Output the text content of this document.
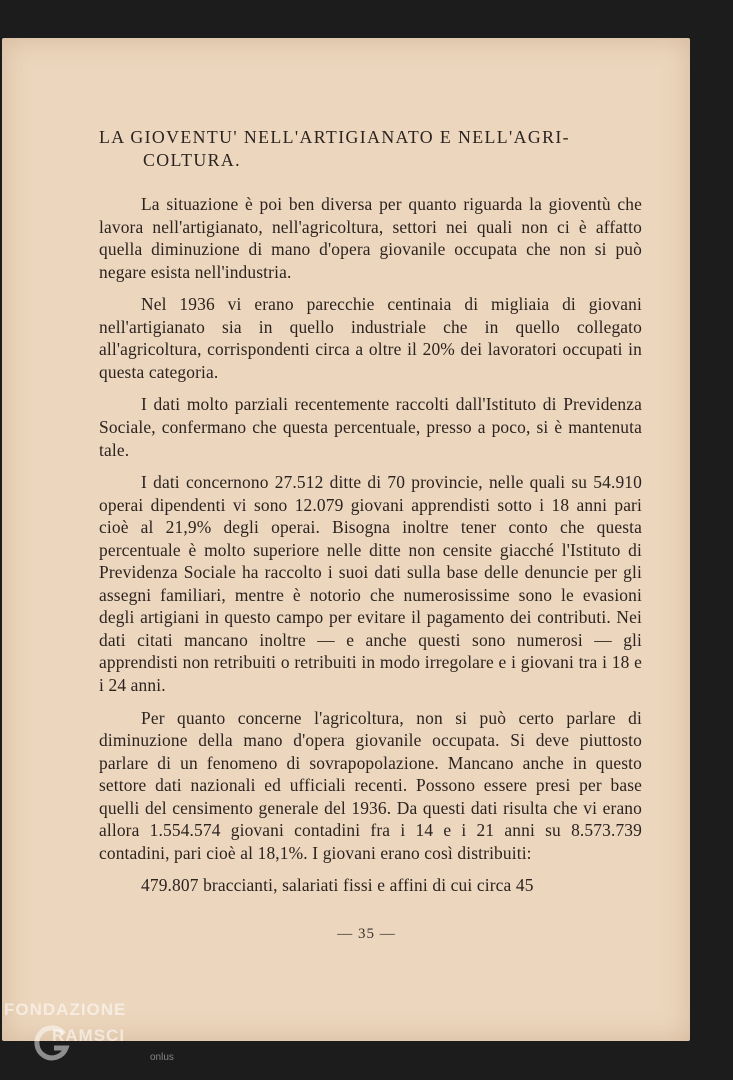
LA GIOVENTU' NELL'ARTIGIANATO E NELL'AGRI-
COLTURA.

La situazione è poi ben diversa per quanto riguarda la gioventù che lavora nell'artigianato, nell'agricoltura, settori nei quali non ci è affatto quella diminuzione di mano d'opera giovanile occupata che non si può negare esista nell'industria.

Nel 1936 vi erano parecchie centinaia di migliaia di giovani nell'artigianato sia in quello industriale che in quello collegato all'agricoltura, corrispondenti circa a oltre il 20% dei lavoratori occupati in questa categoria.

I dati molto parziali recentemente raccolti dall'Istituto di Previdenza Sociale, confermano che questa percentuale, presso a poco, si è mantenuta tale.

I dati concernono 27.512 ditte di 70 provincie, nelle quali su 54.910 operai dipendenti vi sono 12.079 giovani apprendisti sotto i 18 anni pari cioè al 21,9% degli operai. Bisogna inoltre tener conto che questa percentuale è molto superiore nelle ditte non censite giacché l'Istituto di Previdenza Sociale ha raccolto i suoi dati sulla base delle denuncie per gli assegni familiari, mentre è notorio che numerosissime sono le evasioni degli artigiani in questo campo per evitare il pagamento dei contributi. Nei dati citati mancano inoltre — e anche questi sono numerosi — gli apprendisti non retribuiti o retribuiti in modo irregolare e i giovani tra i 18 e i 24 anni.

Per quanto concerne l'agricoltura, non si può certo parlare di diminuzione della mano d'opera giovanile occupata. Si deve piuttosto parlare di un fenomeno di sovrapopolazione. Mancano anche in questo settore dati nazionali ed ufficiali recenti. Possono essere presi per base quelli del censimento generale del 1936. Da questi dati risulta che vi erano allora 1.554.574 giovani contadini fra i 14 e i 21 anni su 8.573.739 contadini, pari cioè al 18,1%. I giovani erano così distribuiti:

479.807 braccianti, salariati fissi e affini di cui circa 45

— 35 —
FONDAZIONE
RAMSCI
onlus
